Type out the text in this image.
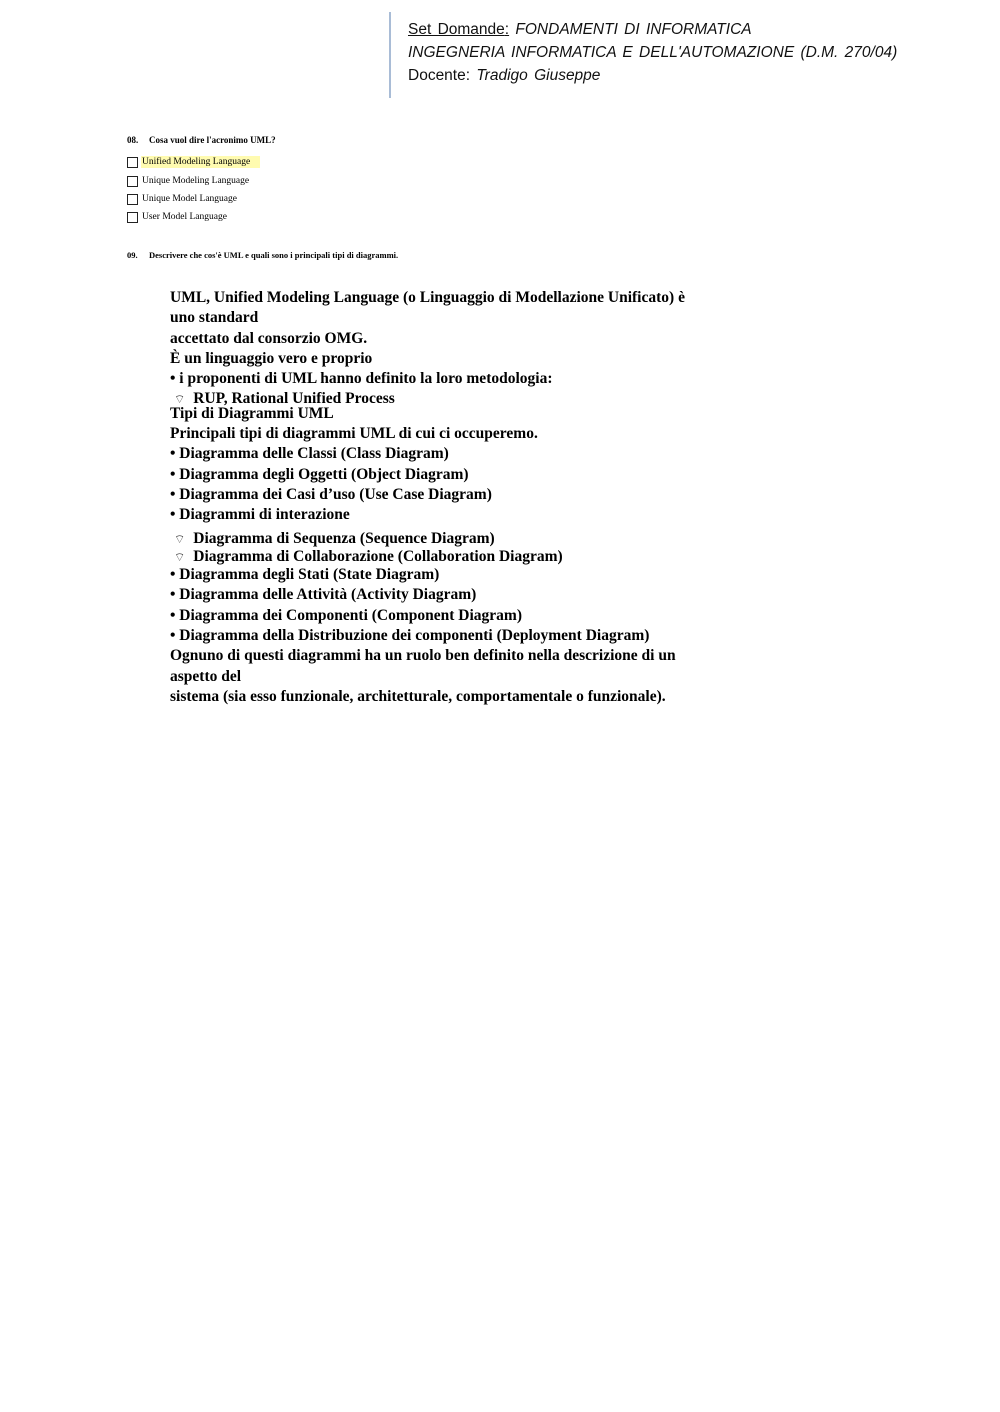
Set Domande: FONDAMENTI DI INFORMATICA
INGEGNERIA INFORMATICA E DELL'AUTOMAZIONE (D.M. 270/04)
Docente: Tradigo Giuseppe
08. Cosa vuol dire l'acronimo UML?
Unified Modeling Language
Unique Modeling Language
Unique Model Language
User Model Language
09. Descrivere che cos'è UML e quali sono i principali tipi di diagrammi.
UML, Unified Modeling Language (o Linguaggio di Modellazione Unificato) è
uno standard
accettato dal consorzio OMG.
È un linguaggio vero e proprio
• i proponenti di UML hanno definito la loro metodologia:
⌔ RUP, Rational Unified Process
Tipi di Diagrammi UML
Principali tipi di diagrammi UML di cui ci occuperemo.
• Diagramma delle Classi (Class Diagram)
• Diagramma degli Oggetti (Object Diagram)
• Diagramma dei Casi d’uso (Use Case Diagram)
• Diagrammi di interazione
⌔ Diagramma di Sequenza (Sequence Diagram)
⌔ Diagramma di Collaborazione (Collaboration Diagram)
• Diagramma degli Stati (State Diagram)
• Diagramma delle Attività (Activity Diagram)
• Diagramma dei Componenti (Component Diagram)
• Diagramma della Distribuzione dei componenti (Deployment Diagram)
Ognuno di questi diagrammi ha un ruolo ben definito nella descrizione di un
aspetto del
sistema (sia esso funzionale, architetturale, comportamentale o funzionale).
